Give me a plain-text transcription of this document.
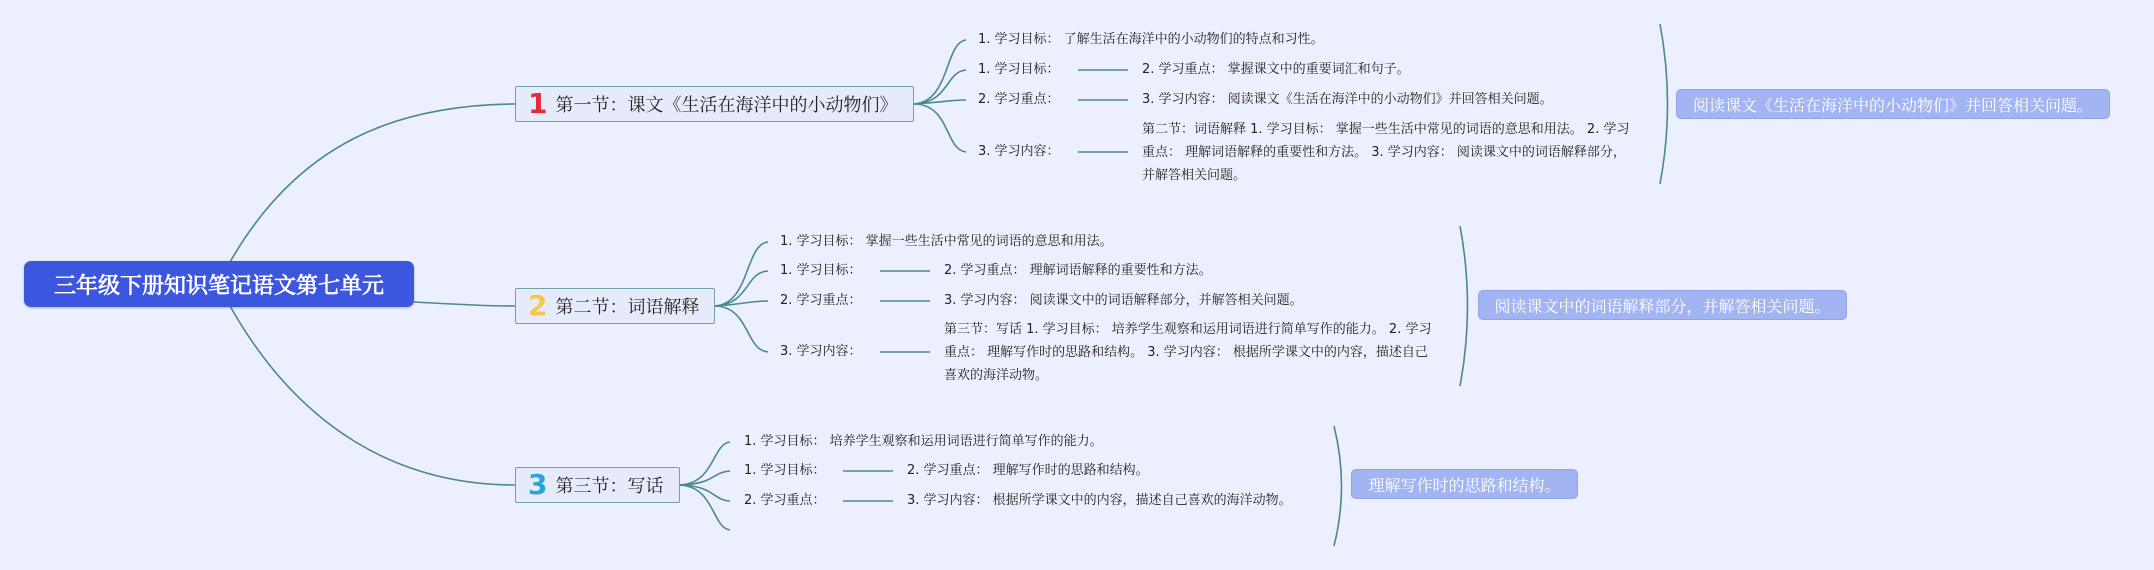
三年级下册知识笔记语文第七单元
1 第一节：课文《生活在海洋中的小动物们》
1. 学习目标： 了解生活在海洋中的小动物们的特点和习性。
1. 学习目标：
2. 学习重点：
3. 学习内容：
2. 学习重点： 掌握课文中的重要词汇和句子。
3. 学习内容： 阅读课文《生活在海洋中的小动物们》并回答相关问题。
第二节：词语解释 1. 学习目标： 掌握一些生活中常见的词语的意思和用法。 2. 学习重点： 理解词语解释的重要性和方法。 3. 学习内容： 阅读课文中的词语解释部分，并解答相关问题。
阅读课文《生活在海洋中的小动物们》并回答相关问题。
2 第二节：词语解释
1. 学习目标： 掌握一些生活中常见的词语的意思和用法。
1. 学习目标：
2. 学习重点：
3. 学习内容：
2. 学习重点： 理解词语解释的重要性和方法。
3. 学习内容： 阅读课文中的词语解释部分，并解答相关问题。
第三节：写话 1. 学习目标： 培养学生观察和运用词语进行简单写作的能力。 2. 学习重点： 理解写作时的思路和结构。 3. 学习内容： 根据所学课文中的内容，描述自己喜欢的海洋动物。
阅读课文中的词语解释部分，并解答相关问题。
3 第三节：写话
1. 学习目标： 培养学生观察和运用词语进行简单写作的能力。
1. 学习目标：
2. 学习重点：
2. 学习重点： 理解写作时的思路和结构。
3. 学习内容： 根据所学课文中的内容，描述自己喜欢的海洋动物。
理解写作时的思路和结构。
